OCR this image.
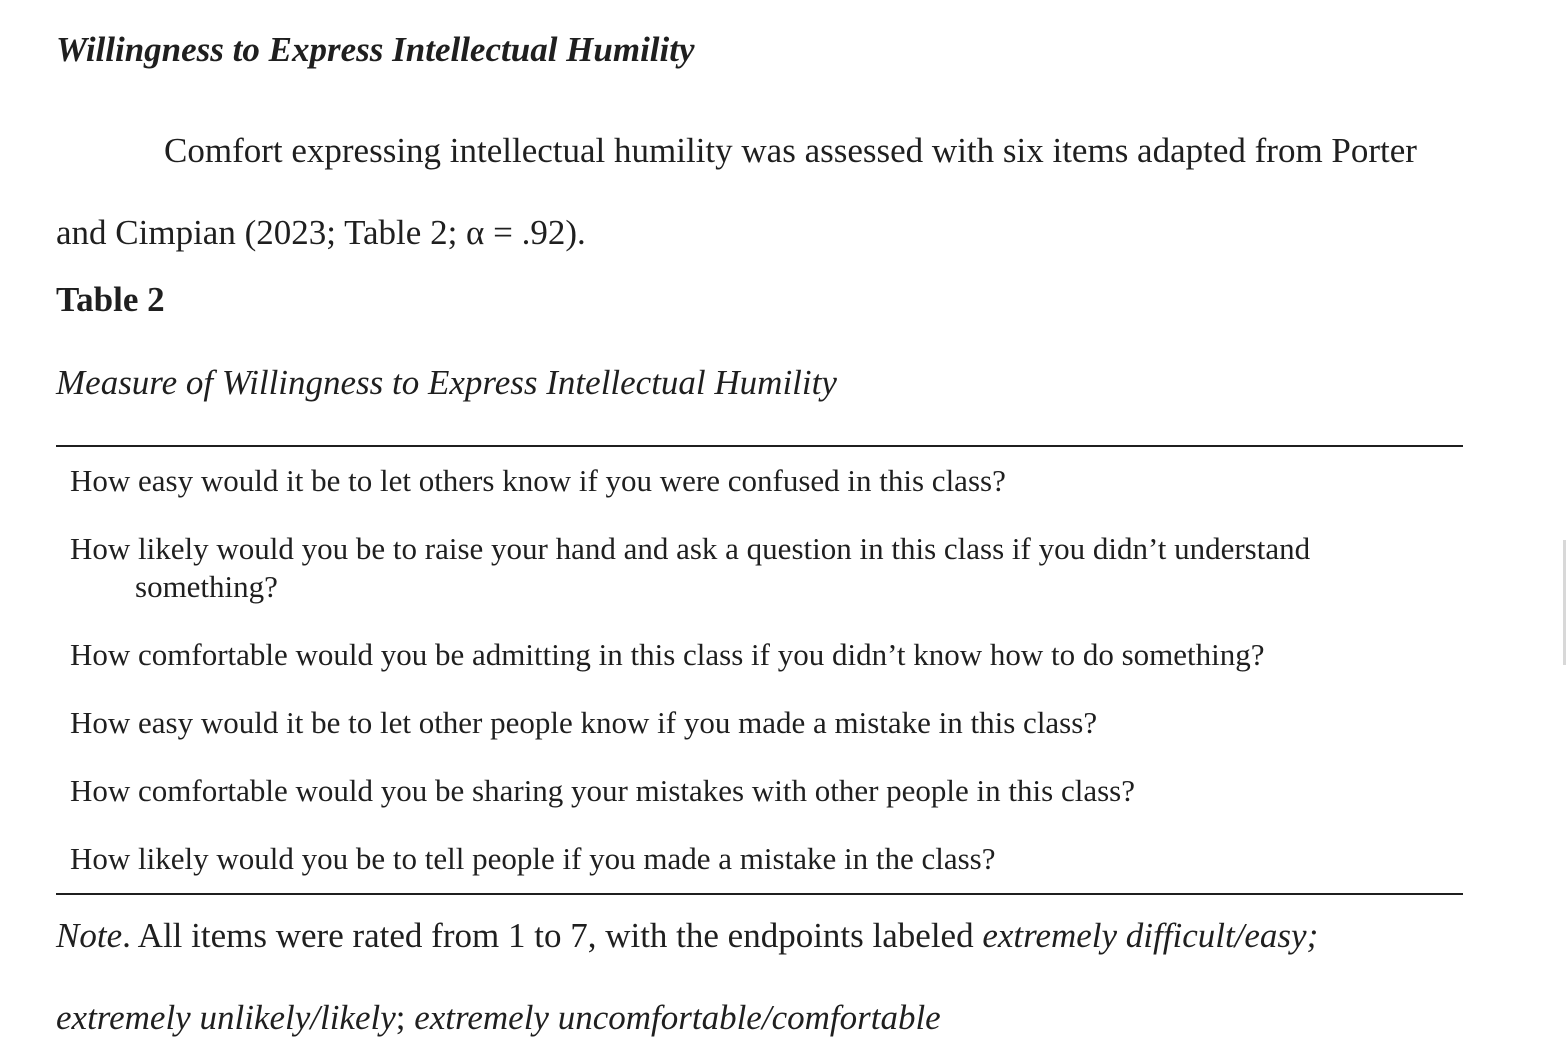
Willingness to Express Intellectual Humility

Comfort expressing intellectual humility was assessed with six items adapted from Porter and Cimpian (2023; Table 2; α = .92).

Table 2
Measure of Willingness to Express Intellectual Humility
How easy would it be to let others know if you were confused in this class?
How likely would you be to raise your hand and ask a question in this class if you didn’t understand something?
How comfortable would you be admitting in this class if you didn’t know how to do something?
How easy would it be to let other people know if you made a mistake in this class?
How comfortable would you be sharing your mistakes with other people in this class?
How likely would you be to tell people if you made a mistake in the class?

Note. All items were rated from 1 to 7, with the endpoints labeled extremely difficult/easy;
extremely unlikely/likely; extremely uncomfortable/comfortable
